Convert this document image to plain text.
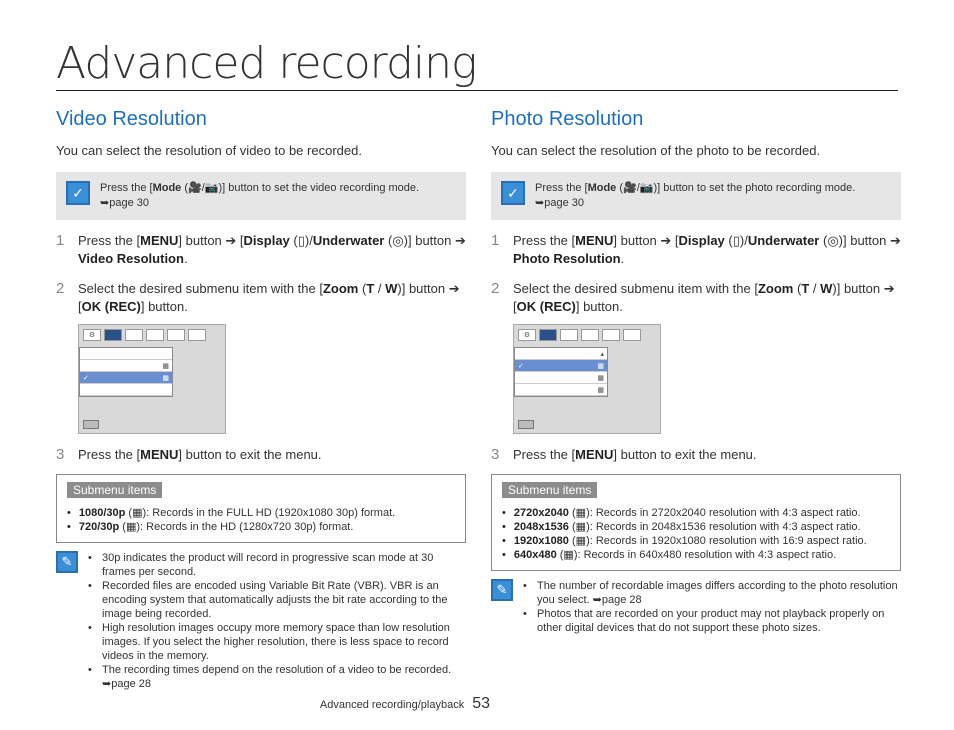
Advanced recording
Video Resolution
You can select the resolution of video to be recorded.
✓	Press the [Mode (🎥/📷)] button to set the video recording mode.
➥page 30
1 Press the [MENU] button ➔ [Display (▯)/Underwater (◎)] button ➔ Video Resolution.
2 Select the desired submenu item with the [Zoom (T / W)] button ➔ [OK (REC)] button.
⚙
▦
✓	▦
3 Press the [MENU] button to exit the menu.
Submenu items
• 1080/30p (▦): Records in the FULL HD (1920x1080 30p) format.
• 720/30p (▦): Records in the HD (1280x720 30p) format.
✎	• 30p indicates the product will record in progressive scan mode at 30 frames per second.
• Recorded files are encoded using Variable Bit Rate (VBR). VBR is an encoding system that automatically adjusts the bit rate according to the image being recorded.
• High resolution images occupy more memory space than low resolution images. If you select the higher resolution, there is less space to record videos in the memory.
• The recording times depend on the resolution of a video to be recorded. ➥page 28
Photo Resolution
You can select the resolution of the photo to be recorded.
✓	Press the [Mode (🎥/📷)] button to set the photo recording mode.
➥page 30
1 Press the [MENU] button ➔ [Display (▯)/Underwater (◎)] button ➔ Photo Resolution.
2 Select the desired submenu item with the [Zoom (T / W)] button ➔ [OK (REC)] button.
⚙
▴
✓	▦
▦
▦
3 Press the [MENU] button to exit the menu.
Submenu items
• 2720x2040 (▦): Records in 2720x2040 resolution with 4:3 aspect ratio.
• 2048x1536 (▦): Records in 2048x1536 resolution with 4:3 aspect ratio.
• 1920x1080 (▦): Records in 1920x1080 resolution with 16:9 aspect ratio.
• 640x480 (▦): Records in 640x480 resolution with 4:3 aspect ratio.
✎	• The number of recordable images differs according to the photo resolution you select. ➥page 28
• Photos that are recorded on your product may not playback properly on other digital devices that do not support these photo sizes.
Advanced recording/playback 53
